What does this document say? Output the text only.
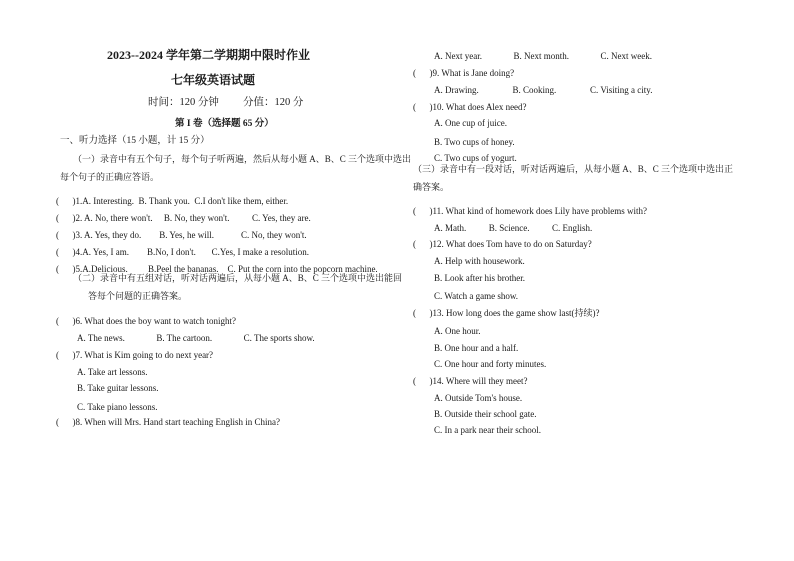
2023--2024 学年第二学期期中限时作业
七年级英语试题
时间：120 分钟 分值：120 分
第 I 卷（选择题 65 分）
一、听力选择（15 小题，计 15 分）
（一）录音中有五个句子，每个句子听两遍，然后从每小题 A、B、C 三个选项中选出
每个句子的正确应答语。
(      )1.A. Interesting.  B. Thank you.  C.I don't like them, either.
(      )2. A. No, there won't.     B. No, they won't.          C. Yes, they are.
(      )3. A. Yes, they do.        B. Yes, he will.            C. No, they won't.
(      )4.A. Yes, I am.        B.No, I don't.       C.Yes, I make a resolution.
(      )5.A.Delicious.         B.Peel the bananas.    C. Put the corn into the popcorn machine.
（二）录音中有五组对话，听对话两遍后，从每小题 A、B、C 三个选项中选出能回
答每个问题的正确答案。
(      )6. What does the boy want to watch tonight?
A. The news.              B. The cartoon.              C. The sports show.
(      )7. What is Kim going to do next year?
A. Take art lessons.
B. Take guitar lessons.
C. Take piano lessons.
(      )8. When will Mrs. Hand start teaching English in China?
A. Next year.              B. Next month.              C. Next week.
(      )9. What is Jane doing?
A. Drawing.               B. Cooking.               C. Visiting a city.
(      )10. What does Alex need?
A. One cup of juice.
B. Two cups of honey.
C. Two cups of yogurt.
（三）录音中有一段对话，听对话两遍后，从每小题 A、B、C 三个选项中选出正
确答案。
(      )11. What kind of homework does Lily have problems with?
A. Math.          B. Science.          C. English.
(      )12. What does Tom have to do on Saturday?
A. Help with housework.
B. Look after his brother.
C. Watch a game show.
(      )13. How long does the game show last(持续)?
A. One hour.
B. One hour and a half.
C. One hour and forty minutes.
(      )14. Where will they meet?
A. Outside Tom's house.
B. Outside their school gate.
C. In a park near their school.
